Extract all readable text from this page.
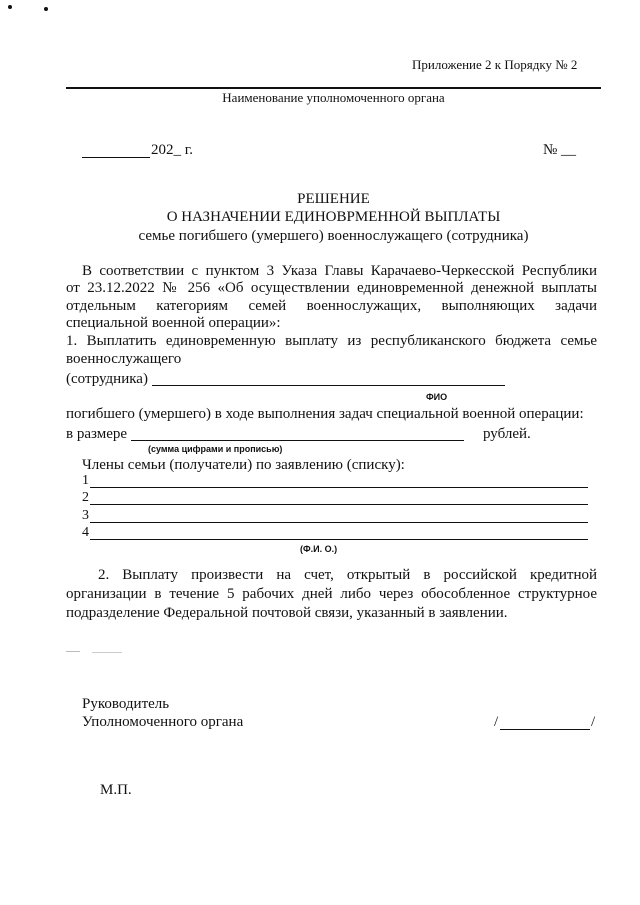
Приложение 2 к Порядку № 2
Наименование уполномоченного органа
202_ г.	№ __
РЕШЕНИЕ
О НАЗНАЧЕНИИ ЕДИНОВРМЕННОЙ ВЫПЛАТЫ
семье погибшего (умершего) военнослужащего (сотрудника)
В соответствии с пунктом 3 Указа Главы Карачаево-Черкесской Республики
от 23.12.2022 № 256 «Об осуществлении единовременной денежной выплаты
отдельным категориям семей военнослужащих, выполняющих задачи
специальной военной операции»:
1. Выплатить единовременную выплату из республиканского бюджета семье
военнослужащего
(сотрудника)
ФИО
погибшего (умершего) в ходе выполнения задач специальной военной операции:
в размере	рублей.
(сумма цифрами и прописью)
Члены семьи (получатели) по заявлению (списку):
1
2
3
4
(Ф.И. О.)
2. Выплату произвести на счет, открытый в российской кредитной
организации в течение 5 рабочих дней либо через обособленное структурное
подразделение Федеральной почтовой связи, указанный в заявлении.
Руководитель
Уполномоченного органа	/	/
М.П.
